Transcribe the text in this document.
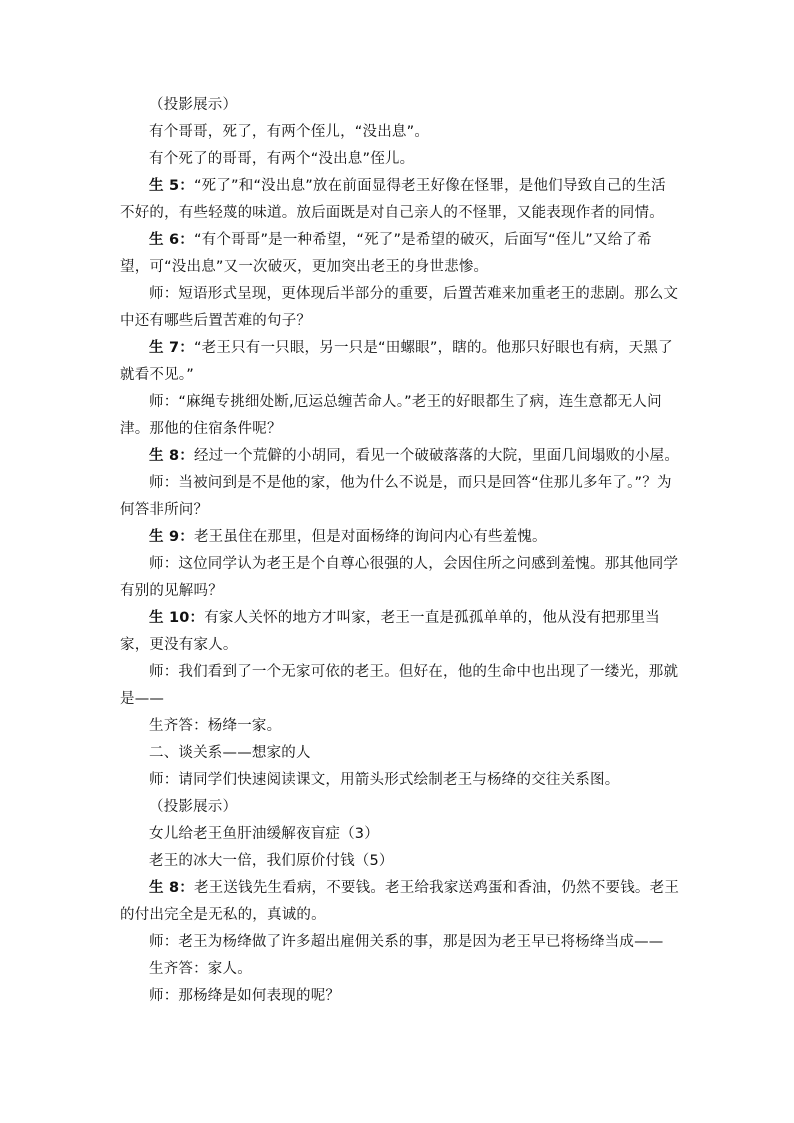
（投影展示）

有个哥哥，死了，有两个侄儿，“没出息”。

有个死了的哥哥，有两个“没出息”侄儿。

生 5：“死了”和“没出息”放在前面显得老王好像在怪罪，是他们导致自己的生活不好的，有些轻蔑的味道。放后面既是对自己亲人的不怪罪，又能表现作者的同情。

生 6：“有个哥哥”是一种希望，“死了”是希望的破灭，后面写“侄儿”又给了希望，可“没出息”又一次破灭，更加突出老王的身世悲惨。

师：短语形式呈现，更体现后半部分的重要，后置苦难来加重老王的悲剧。那么文中还有哪些后置苦难的句子？

生 7：“老王只有一只眼，另一只是“田螺眼”，瞎的。他那只好眼也有病，天黑了就看不见。”

师：“麻绳专挑细处断,厄运总缠苦命人。”老王的好眼都生了病，连生意都无人问津。那他的住宿条件呢？

生 8：经过一个荒僻的小胡同，看见一个破破落落的大院，里面几间塌败的小屋。

师：当被问到是不是他的家，他为什么不说是，而只是回答“住那儿多年了。”？为何答非所问？

生 9：老王虽住在那里，但是对面杨绛的询问内心有些羞愧。

师：这位同学认为老王是个自尊心很强的人，会因住所之问感到羞愧。那其他同学有别的见解吗？

生 10：有家人关怀的地方才叫家，老王一直是孤孤单单的，他从没有把那里当家，更没有家人。

师：我们看到了一个无家可依的老王。但好在，他的生命中也出现了一缕光，那就是——

生齐答：杨绛一家。

二、谈关系——想家的人

师：请同学们快速阅读课文，用箭头形式绘制老王与杨绛的交往关系图。

（投影展示）

女儿给老王鱼肝油缓解夜盲症（3）

老王的冰大一倍，我们原价付钱（5）

生 8：老王送钱先生看病，不要钱。老王给我家送鸡蛋和香油，仍然不要钱。老王的付出完全是无私的，真诚的。

师：老王为杨绛做了许多超出雇佣关系的事，那是因为老王早已将杨绛当成——

生齐答：家人。

师：那杨绛是如何表现的呢？
